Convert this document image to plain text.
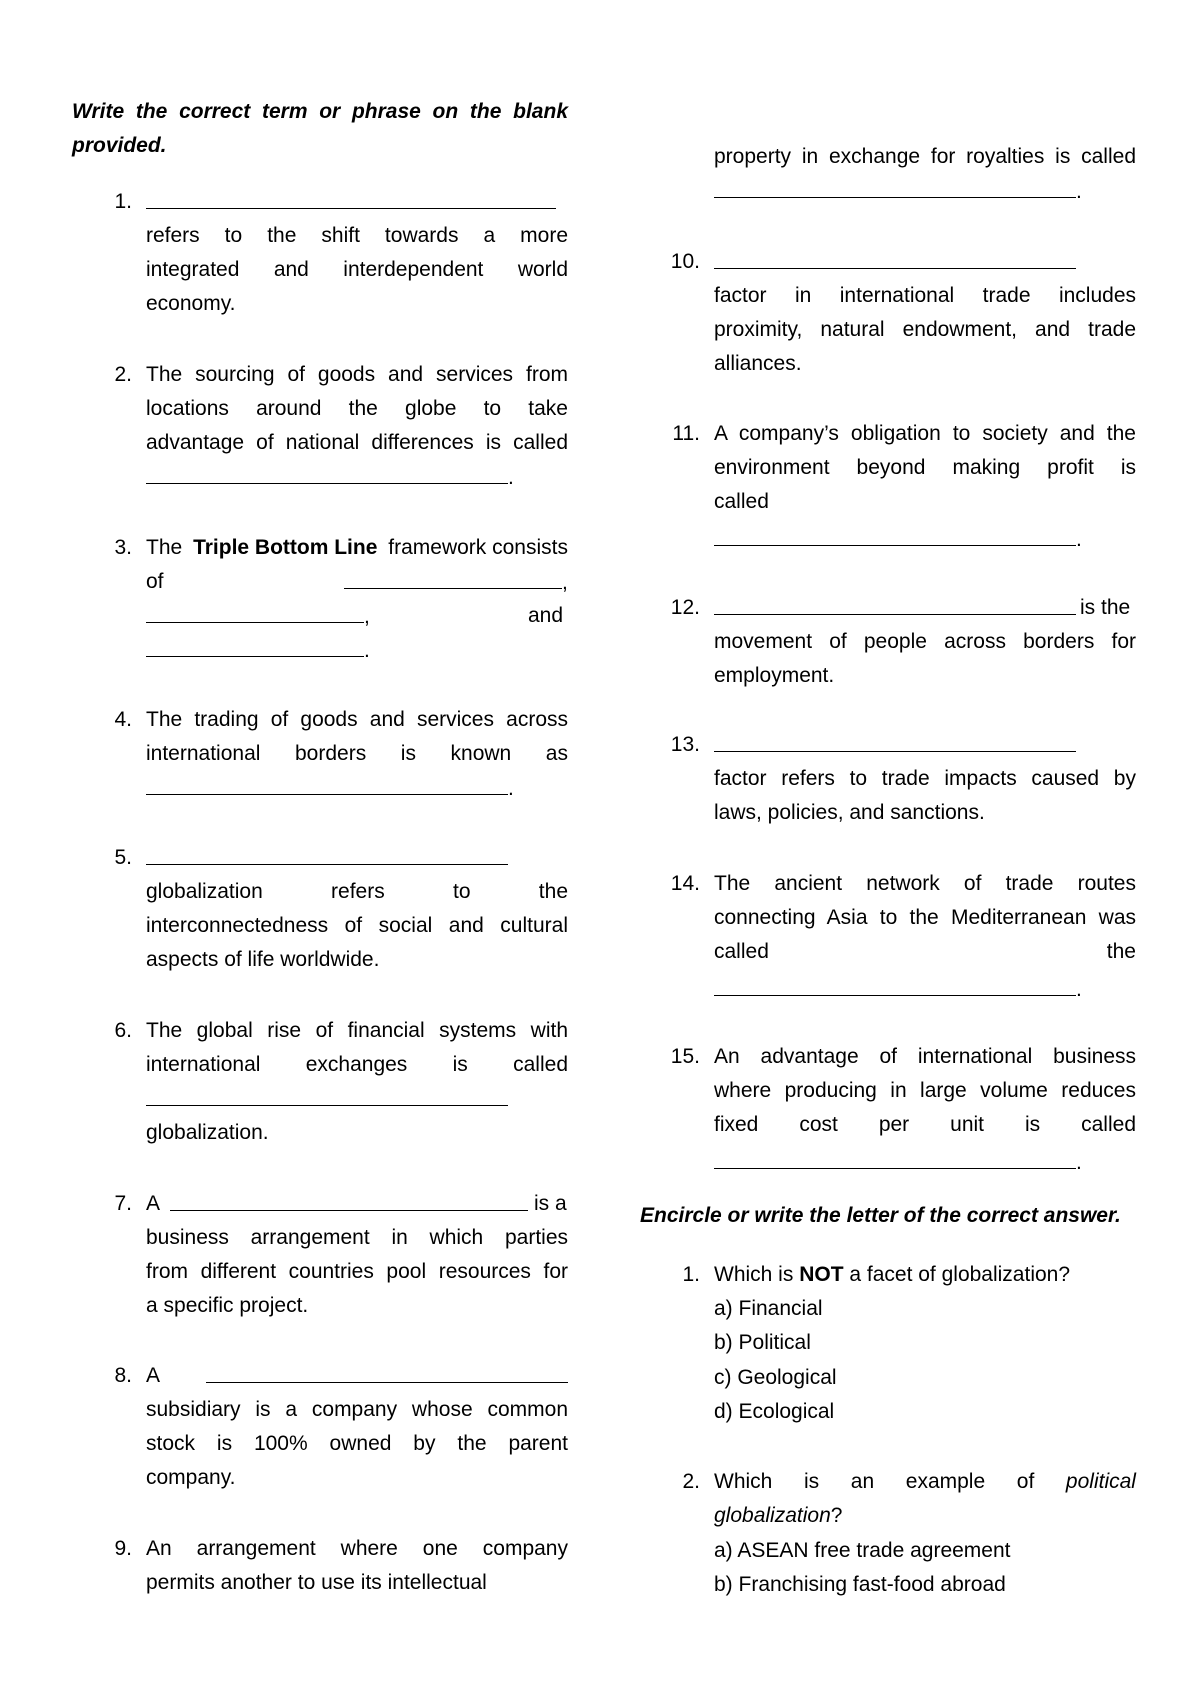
Write the correct term or phrase on the blank
provided.
1.
refers to the shift towards a more
integrated and interdependent world
economy.
2. The sourcing of goods and services from
locations around the globe to take
advantage of national differences is called
.
3. The Triple Bottom Line framework consists
of	,
,	and
.
4. The trading of goods and services across
international borders is known as
.
5.
globalization refers to the
interconnectedness of social and cultural
aspects of life worldwide.
6. The global rise of financial systems with
international exchanges is called
globalization.
7. A	is a
business arrangement in which parties
from different countries pool resources for
a specific project.
8. A
subsidiary is a company whose common
stock is 100% owned by the parent
company.
9. An arrangement where one company
permits another to use its intellectual
property in exchange for royalties is called
.
10.
factor in international trade includes
proximity, natural endowment, and trade
alliances.
11. A company’s obligation to society and the
environment beyond making profit is
called
.
12.	is the
movement of people across borders for
employment.
13.
factor refers to trade impacts caused by
laws, policies, and sanctions.
14. The ancient network of trade routes
connecting Asia to the Mediterranean was
called the
.
15. An advantage of international business
where producing in large volume reduces
fixed cost per unit is called
.
Encircle or write the letter of the correct answer.
1. Which is NOT a facet of globalization?
a) Financial
b) Political
c) Geological
d) Ecological
2. Which is an example of political
globalization?
a) ASEAN free trade agreement
b) Franchising fast-food abroad
